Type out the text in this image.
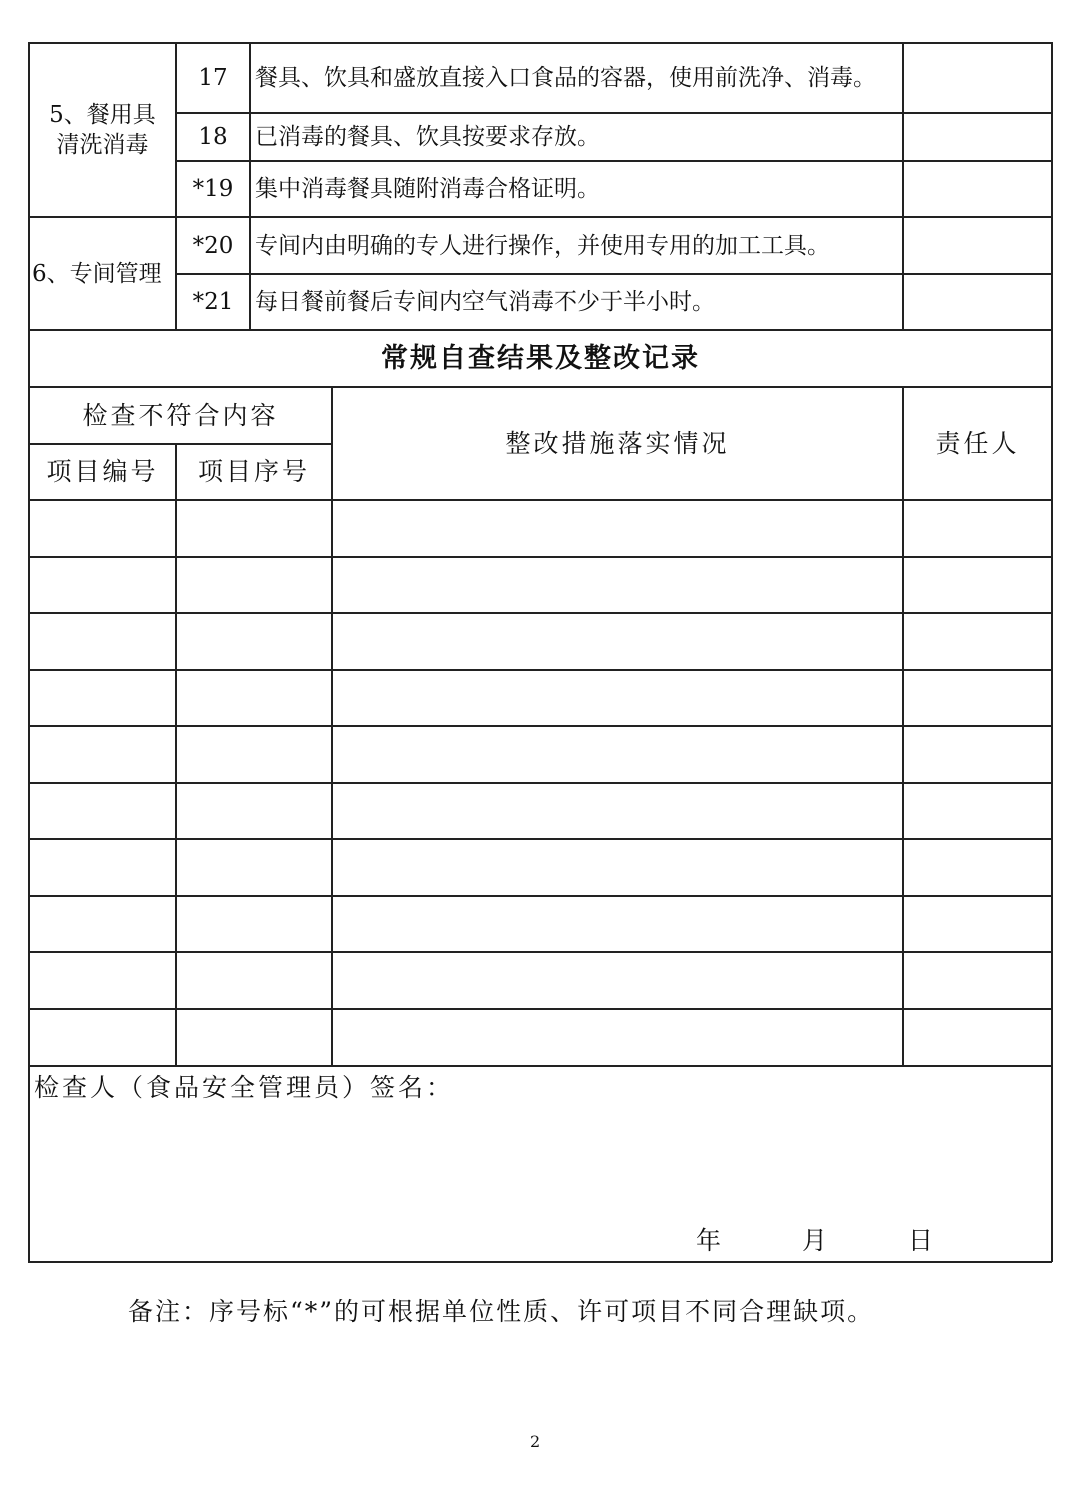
5、餐用具清洗消毒
17 餐具、饮具和盛放直接入口食品的容器，使用前洗净、消毒。
18 已消毒的餐具、饮具按要求存放。
*19 集中消毒餐具随附消毒合格证明。
6、专间管理
*20 专间内由明确的专人进行操作，并使用专用的加工工具。
*21 每日餐前餐后专间内空气消毒不少于半小时。
常规自查结果及整改记录
检查不符合内容
项目编号 项目序号
整改措施落实情况	责任人
检查人（食品安全管理员）签名：
年	月	日
备注：序号标“*”的可根据单位性质、许可项目不同合理缺项。
2
